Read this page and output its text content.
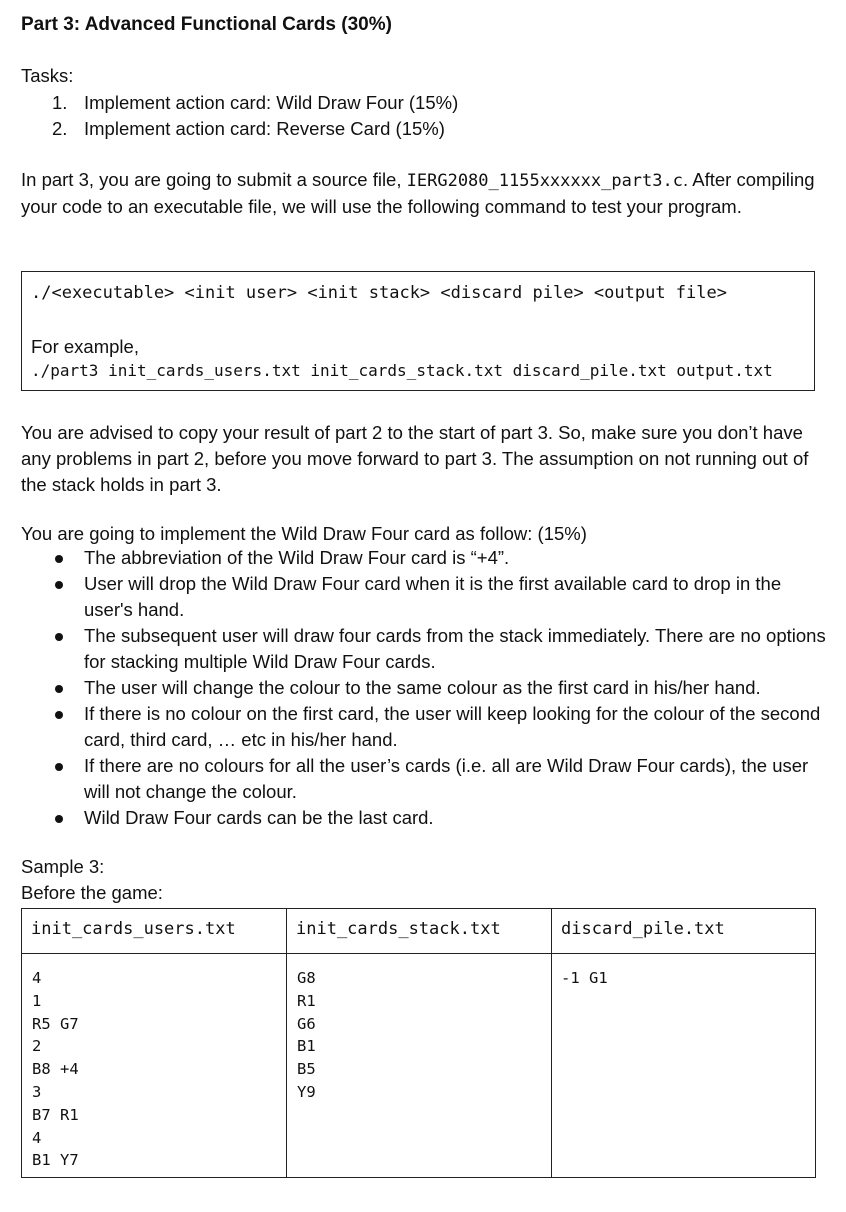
Part 3: Advanced Functional Cards (30%)
Tasks:
1. Implement action card: Wild Draw Four (15%)
2. Implement action card: Reverse Card (15%)
In part 3, you are going to submit a source file, IERG2080_1155xxxxxx_part3.c. After compiling your code to an executable file, we will use the following command to test your program.
./<executable> <init user> <init stack> <discard pile> <output file>
For example,
./part3 init_cards_users.txt init_cards_stack.txt discard_pile.txt output.txt
You are advised to copy your result of part 2 to the start of part 3. So, make sure you don’t have any problems in part 2, before you move forward to part 3. The assumption on not running out of the stack holds in part 3.
You are going to implement the Wild Draw Four card as follow: (15%)
The abbreviation of the Wild Draw Four card is “+4”.
User will drop the Wild Draw Four card when it is the first available card to drop in the user's hand.
The subsequent user will draw four cards from the stack immediately. There are no options for stacking multiple Wild Draw Four cards.
The user will change the colour to the same colour as the first card in his/her hand.
If there is no colour on the first card, the user will keep looking for the colour of the second card, third card, … etc in his/her hand.
If there are no colours for all the user’s cards (i.e. all are Wild Draw Four cards), the user will not change the colour.
Wild Draw Four cards can be the last card.
Sample 3:
Before the game:
init_cards_users.txt	init_cards_stack.txt	discard_pile.txt
4
1
R5 G7
2
B8 +4
3
B7 R1
4
B1 Y7
G8
R1
G6
B1
B5
Y9
-1 G1
